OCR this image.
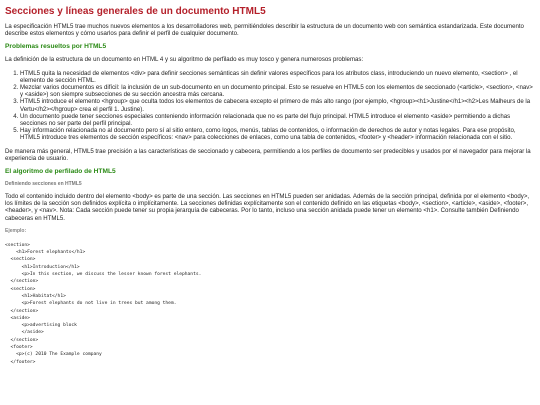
Secciones y líneas generales de un documento HTML5

La especificación HTML5 trae muchos nuevos elementos a los desarrolladores web, permitiéndoles describir la estructura de un documento web con semántica estandarizada. Este documento describe estos elementos y cómo usarlos para definir el perfil de cualquier documento.

Problemas resueltos por HTML5

La definición de la estructura de un documento en HTML 4 y su algoritmo de perfilado es muy tosco y genera numerosos problemas:

1. HTML5 quita la necesidad de elementos <div> para definir secciones semánticas sin definir valores específicos para los atributos class, introduciendo un nuevo elemento, <section> , el elemento de sección HTML.
2. Mezclar varios documentos es difícil: la inclusión de un sub-documento en un documento principal. Esto se resuelve en HTML5 con los elementos de seccionado (<article>, <section>, <nav> y <aside>) son siempre subsecciones de su sección ancestra más cercana.
3. HTML5 introduce el elemento <hgroup> que oculta todos los elementos de cabecera excepto el primero de más alto rango (por ejemplo, <hgroup><h1>Justine</h1><h2>Les Malheurs de la Vertu</h2></hgroup> crea el perfil 1. Justine).
4. Un documento puede tener secciones especiales conteniendo información relacionada que no es parte del flujo principal. HTML5 introduce el elemento <aside> permitiendo a dichas secciones no ser parte del perfil principal.
5. Hay información relacionada no al documento pero sí al sitio entero, como logos, menús, tablas de contenidos, o información de derechos de autor y notas legales. Para ese propósito, HTML5 introduce tres elementos de sección específicos: <nav> para colecciones de enlaces, como una tabla de contenidos, <footer> y <header> información relacionada con el sitio.

De manera más general, HTML5 trae precisión a las características de seccionado y cabecera, permitiendo a los perfiles de documento ser predecibles y usados por el navegador para mejorar la experiencia de usuario.

El algoritmo de perfilado de HTML5
Definiendo secciones en HTML5

Todo el contenido incluido dentro del elemento <body> es parte de una sección. Las secciones en HTML5 pueden ser anidadas. Además de la sección principal, definida por el elemento <body>, los límites de la sección son definidos explícita o implícitamente. La secciones definidas explícitamente son el contenido definido en las etiquetas <body>, <section>, <article>, <aside>, <footer>, <header>, y <nav>. Nota: Cada sección puede tener su propia jerarquía de cabeceras. Por lo tanto, incluso una sección anidada puede tener un elemento <h1>. Consulte también Definiendo cabeceras en HTML5.

Ejemplo:
<section>
<h1>Forest elephants</h1>
<section>
<h1>Introduction</h1>
<p>In this section, we discuss the lesser known forest elephants.
</section>
<section>
<h1>Habitat</h1>
<p>Forest elephants do not live in trees but among them.
</section>
<aside>
<p>advertising block
</aside>
</section>
<footer>
<p>(c) 2010 The Example company
</footer>
